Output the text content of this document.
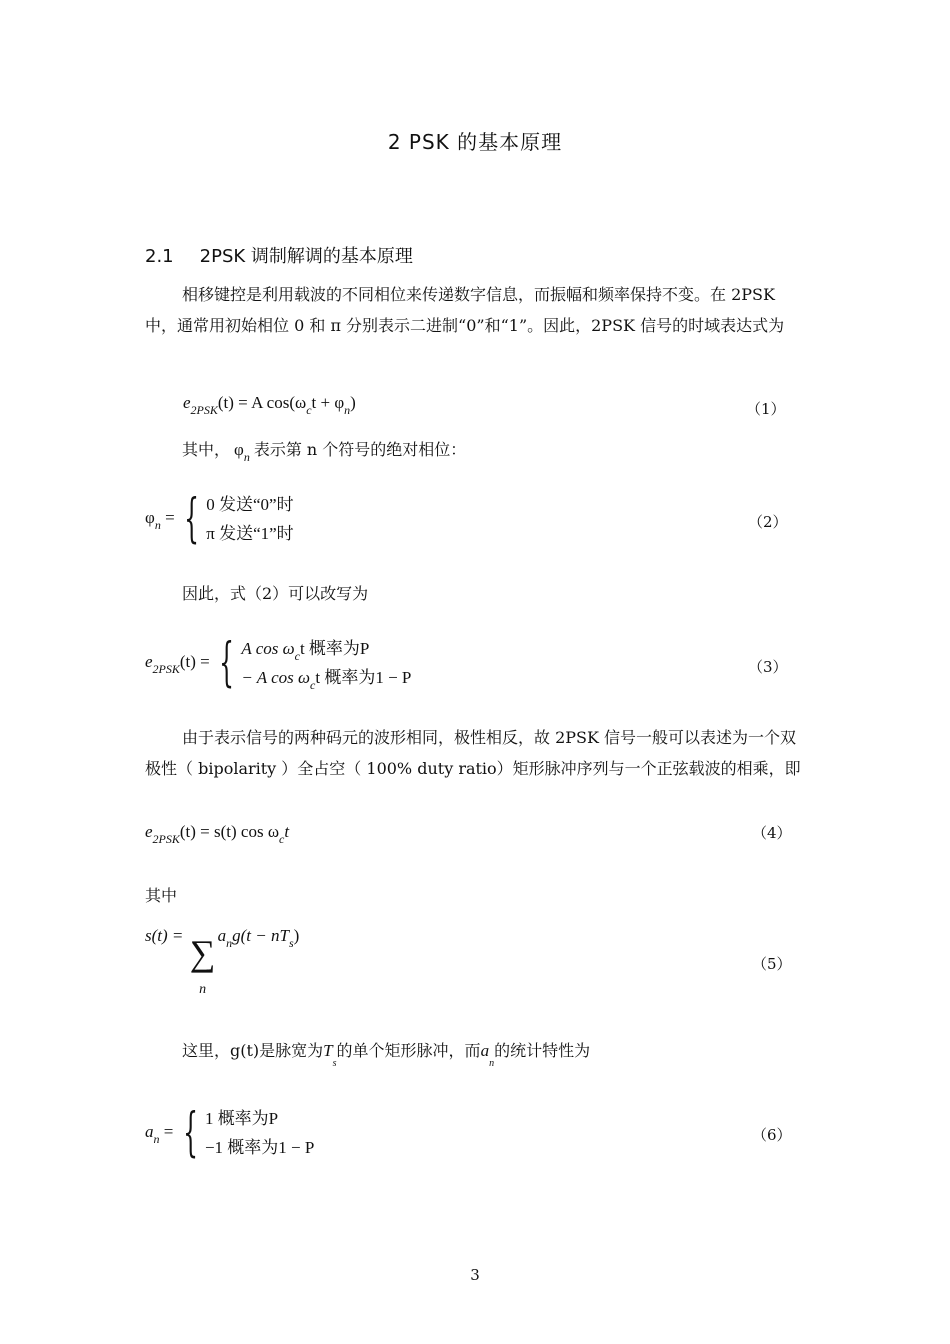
2 PSK 的基本原理
2.1 2PSK 调制解调的基本原理
相移键控是利用载波的不同相位来传递数字信息，而振幅和频率保持不变。在 2PSK 中，通常用初始相位 0 和 π 分别表示二进制“0”和“1”。因此，2PSK 信号的时域表达式为
$e_{2PSK}(t) = A$ $\cos(\omega_ct + \varphi_n)$	（1）
其中， $\varphi_n$ 表示第 n 个符号的绝对相位：
$\varphi_n$ = { 0 发送“0”时
π 发送“1”时
（2）
因此，式（2）可以改写为
$e_{2PSK}(t)$ = { A $\cos \omega_ct$ 概率为P
− A $\cos \omega_ct$ 概率为1 − P
（3）
由于表示信号的两种码元的波形相同，极性相反，故 2PSK 信号一般可以表述为一个双极性（ bipolarity ）全占空（ 100% duty ratio）矩形脉冲序列与一个正弦载波的相乘，即
$e_{2PSK}(t) = s(t)$ $\cos \omega_ct$	（4）
其中
s(t) = ∑
$_na_ng(t - nT_s)$
（5）
这里，g(t)是脉宽为$T_s$的单个矩形脉冲，而$a_n$的统计特性为
$a_n$ = { 1 概率为P
−1 概率为1 − P
（6）
3
